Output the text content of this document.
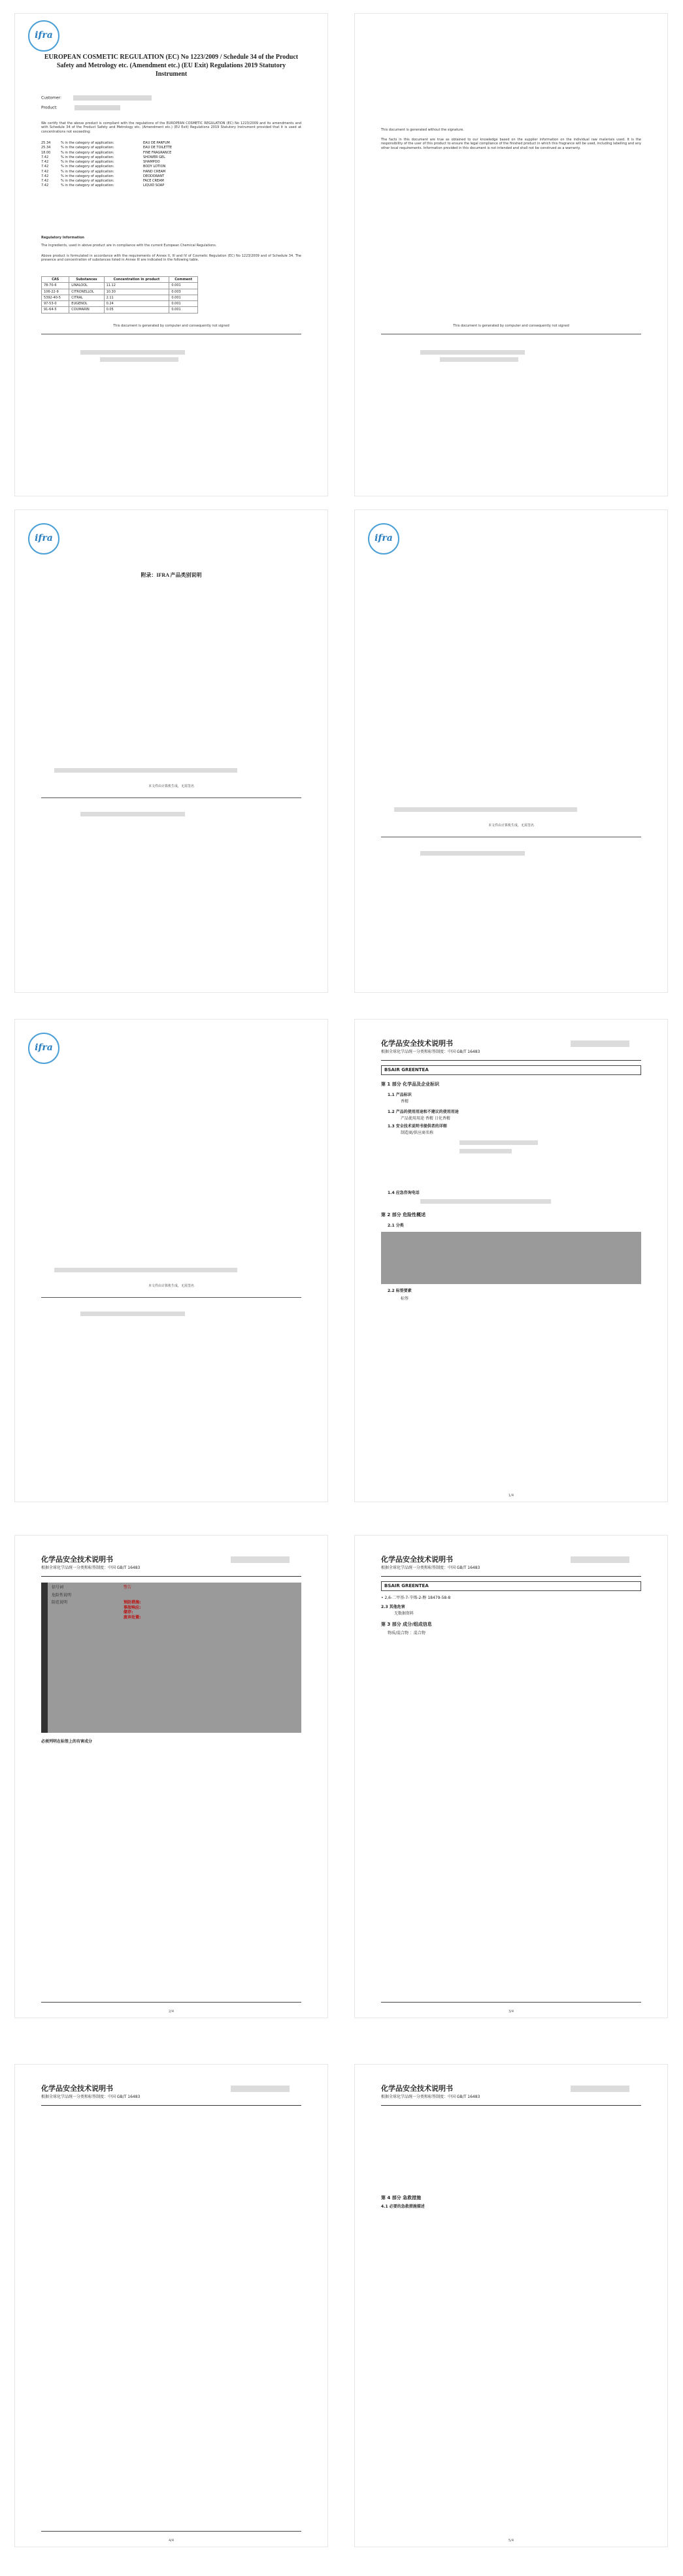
ifra
EUROPEAN COSMETIC REGULATION (EC) No 1223/2009 / Schedule 34 of the Product Safety and Metrology etc. (Amendment etc.) (EU Exit) Regulations 2019 Statutory Instrument
Customer:
Product:
We certify that the above product is compliant with the regulations of the EUROPEAN COSMETIC REGULATION (EC) No 1223/2009 and its amendments and with Schedule 34 of the Product Safety and Metrology etc. (Amendment etc.) (EU Exit) Regulations 2019 Statutory Instrument provided that it is used at concentrations not exceeding:
25.34	% in the category of application:	EAU DE PARFUM
25.34	% in the category of application:	EAU DE TOILETTE
18.00	% in the category of application:	FINE FRAGRANCE
7.42	% in the category of application:	SHOWER GEL
7.42	% in the category of application:	SHAMPOO
7.42	% in the category of application:	BODY LOTION
7.42	% in the category of application:	HAND CREAM
7.42	% in the category of application:	DEODORANT
7.42	% in the category of application:	FACE CREAM
7.42	% in the category of application:	LIQUID SOAP
Regulatory Information
The ingredients, used in above product are in compliance with the current European Chemical Regulations.
Above product is formulated in accordance with the requirements of Annex II, III and IV of Cosmetic Regulation (EC) No 1223/2009 and of Schedule 34. The presence and concentration of substances listed in Annex III are indicated in the following table.
CAS	Substances	Concentration in product	Comment
78-70-6	LINALOOL	11.12	0.001
106-22-9	CITRONELLOL	10.30	0.003
5392-40-5	CITRAL	2.11	0.001
97-53-0	EUGENOL	0.24	0.001
91-64-5	COUMARIN	0.05	0.001
This document is generated by computer and consequently not signed
This document is generated without the signature.
The facts in this document are true as obtained to our knowledge based on the supplier information on the individual raw materials used. It is the responsibility of the user of this product to ensure the legal compliance of the finished product in which this fragrance will be used, including labelling and any other local requirements. Information provided in this document is not intended and shall not be construed as a warranty.
This document is generated by computer and consequently not signed
ifra
附录：IFRA 产品类别说明
本文件由计算机生成，无需签名
ifra
本文件由计算机生成，无需签名
ifra
本文件由计算机生成，无需签名
化学品安全技术说明书
根据全球化学品统一分类和标签制度：中国 GB/T 16483
BSAIR GREENTEA
第 1 部分 化学品及企业标识
1.1 产品标识
香精
1.2 产品的使用用途和不建议的使用用途
产品使用用途 香精 日化香精
1.3 安全技术说明书提供者的详细
制造商/供应商名称
1.4 应急咨询电话
第 2 部分 危险性概述
2.1 分类
2.2 标签要素
标签
1/4
化学品安全技术说明书
根据全球化学品统一分类和标签制度：中国 GB/T 16483
信号词	警告
危险性说明
防范说明	预防措施:
事故响应:
储存:
废弃处置:
必须列明在标签上的有害成分
2/4
化学品安全技术说明书
根据全球化学品统一分类和标签制度：中国 GB/T 16483
BSAIR GREENTEA
• 2,6-二甲基-7-辛烯-2-醇 18479-58-8
2.3 其他危害
无数据资料
第 3 部分 成分/组成信息
物质/混合物 ：混合物
3/4
化学品安全技术说明书
根据全球化学品统一分类和标签制度：中国 GB/T 16483
4/4
化学品安全技术说明书
根据全球化学品统一分类和标签制度：中国 GB/T 16483
第 4 部分 急救措施
4.1 必要的急救措施描述
5/4
